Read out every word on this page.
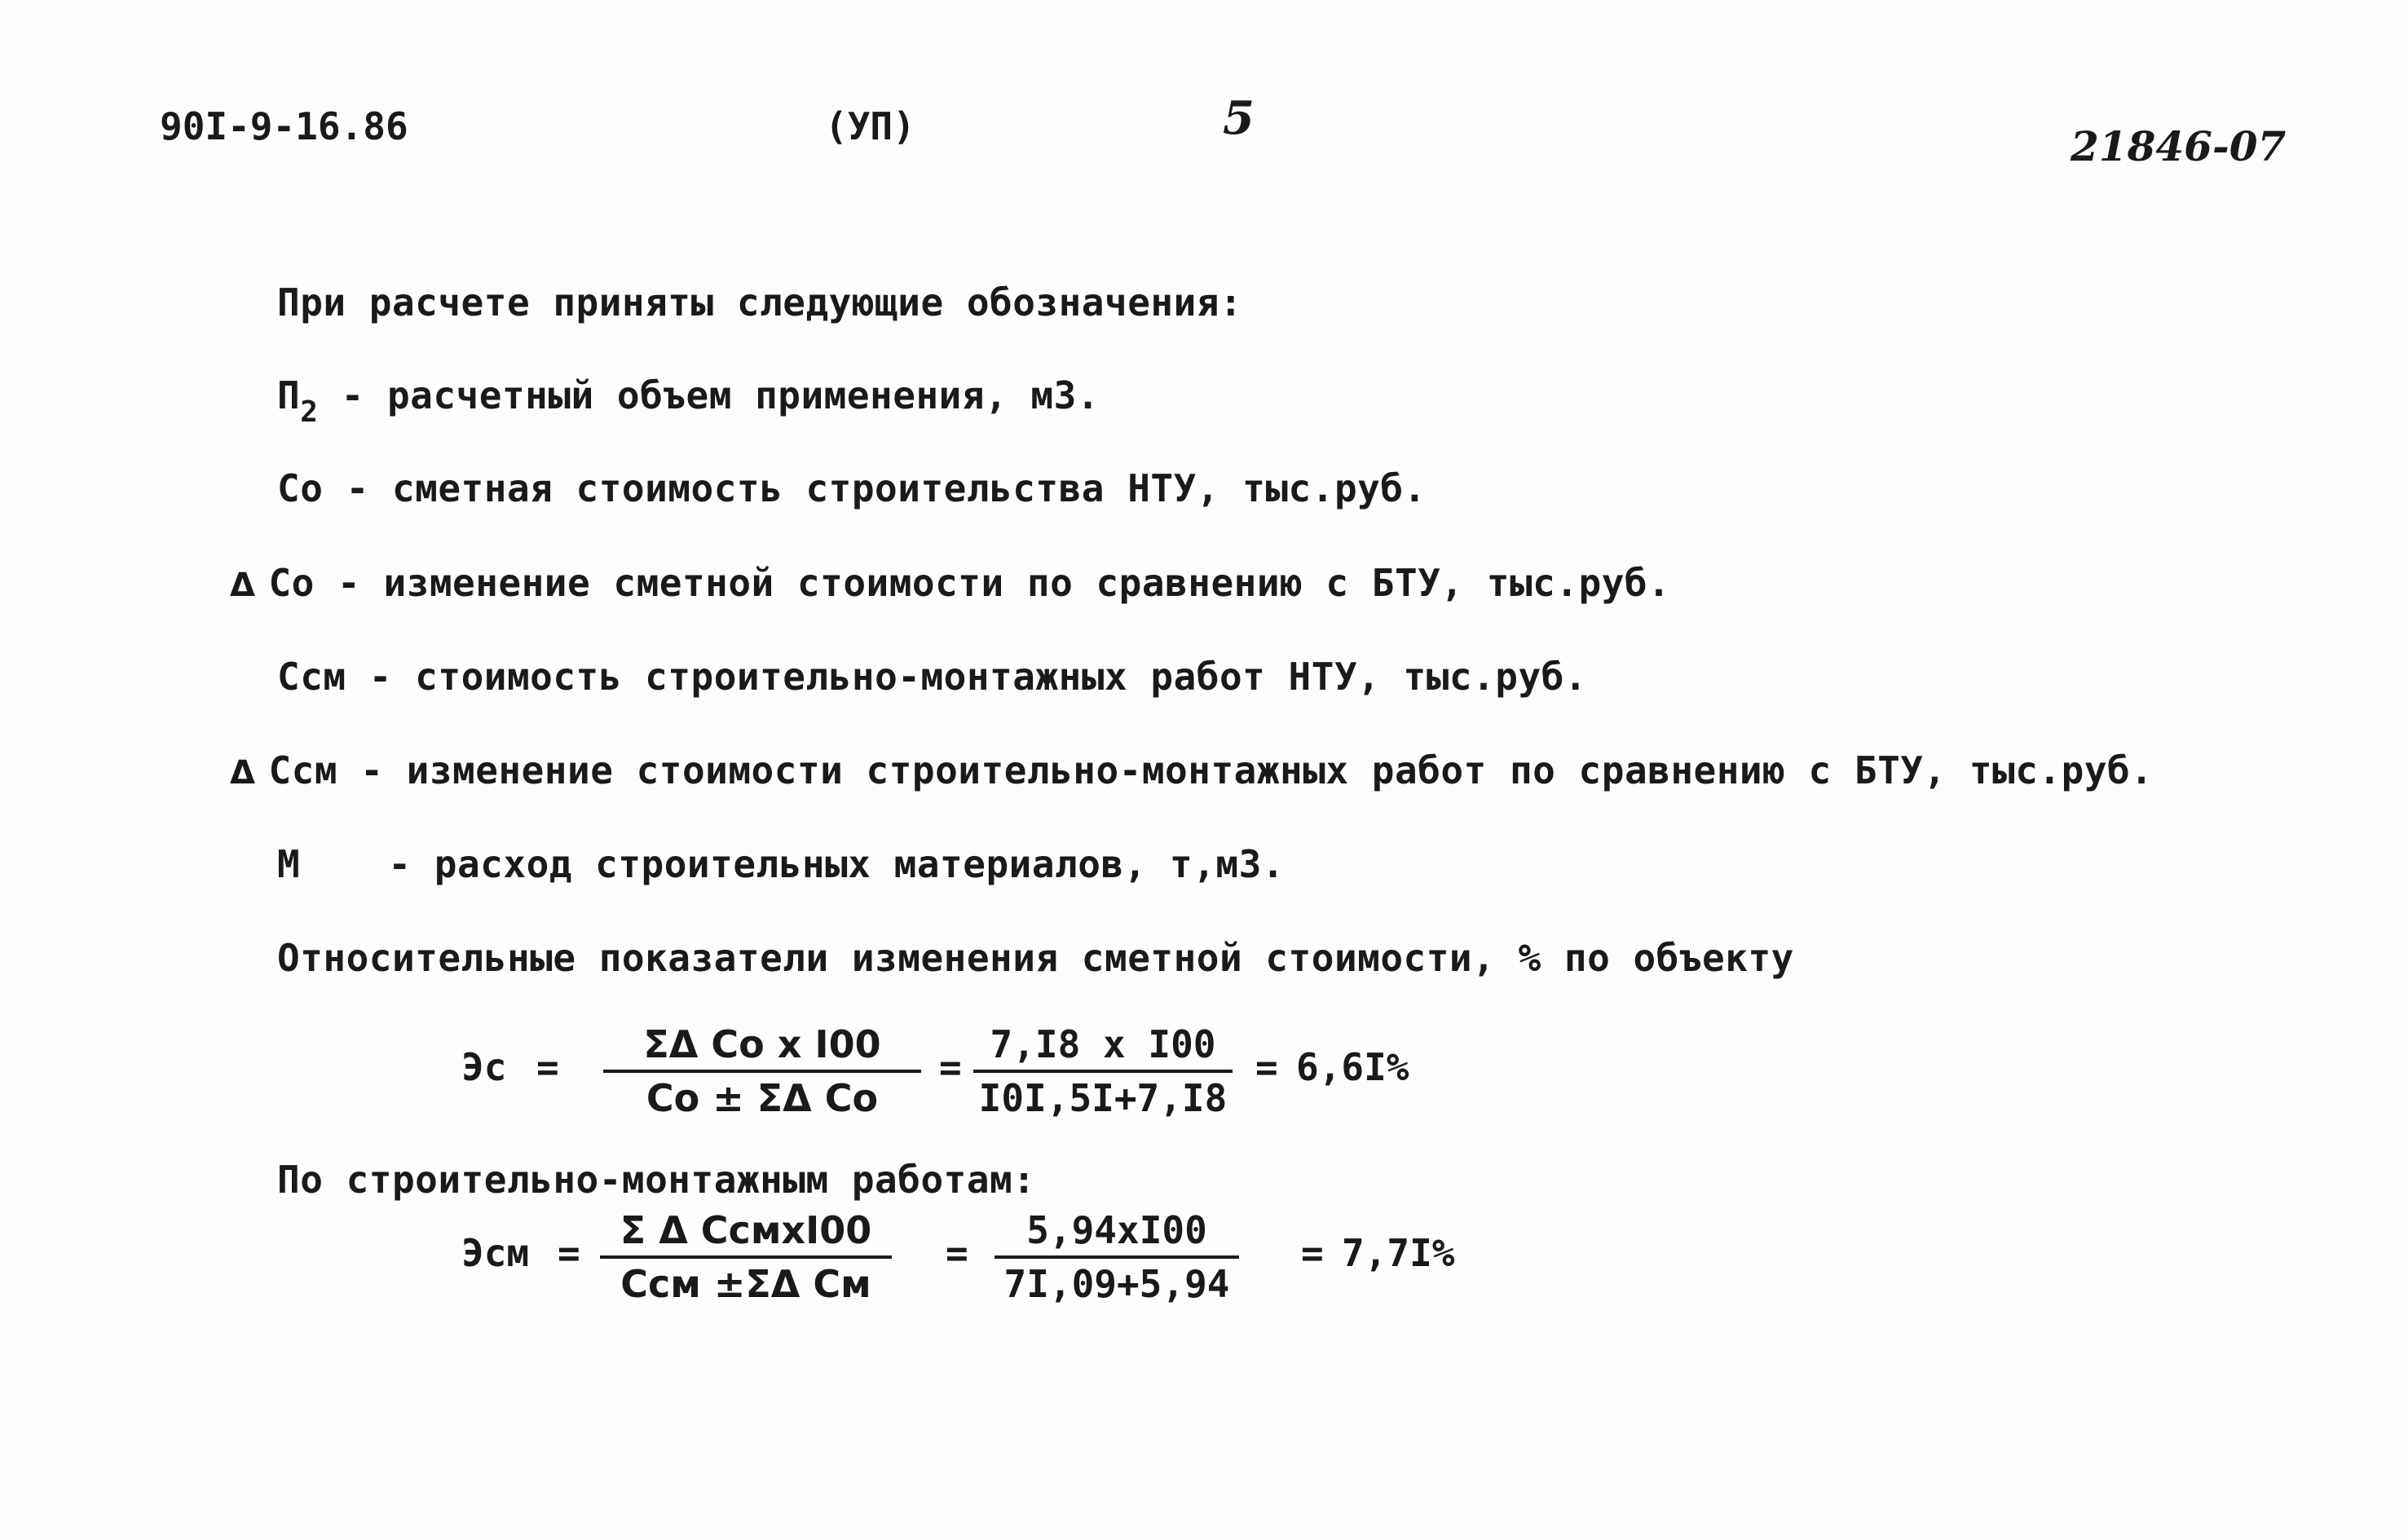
90I-9-16.86	(УП)	5
21846-07
При расчете приняты следующие обозначения:
$П_2$ - расчетный объем применения, м3.
Со - сметная стоимость строительства НТУ, тыс.руб.
Δ Со - изменение сметной стоимости по сравнению с БТУ, тыс.руб.
Ссм - стоимость строительно-монтажных работ НТУ, тыс.руб.
Δ Ссм - изменение стоимости строительно-монтажных работ по сравнению с БТУ, тыс.руб.
М - расход строительных материалов, т,м3.
Относительные показатели изменения сметной стоимости, % по объекту
Эс =
ΣΔ Со х I00
Со ± ΣΔ Со
=
7,I8 х I00
I0I,5I+7,I8
= 6,6I%
По строительно-монтажным работам:
Эсм =
Σ Δ СсмхI00
Ссм ±ΣΔ См
=
5,94хI00
7I,09+5,94
= 7,7I%
